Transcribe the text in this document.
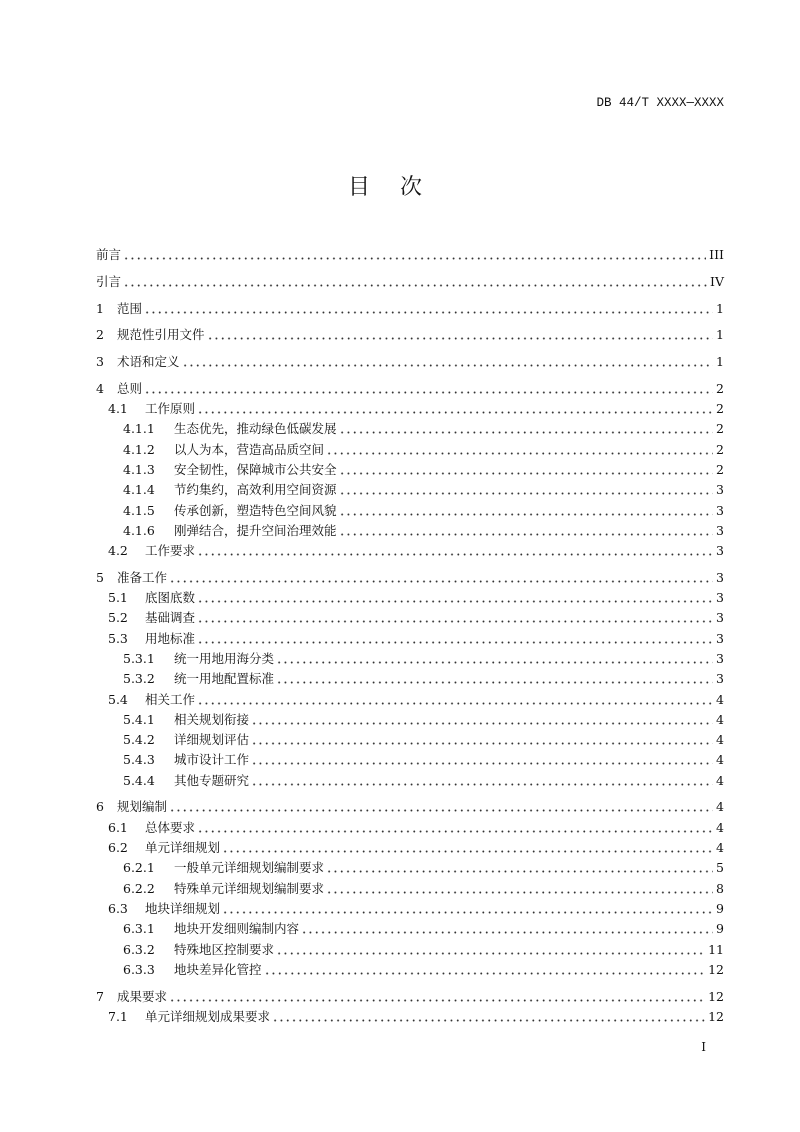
DB 44/T XXXX—XXXX
目次
前言	III
引言	IV
1	范围	1
2	规范性引用文件	1
3	术语和定义	1
4	总则	2
4.1	工作原则	2
4.1.1	生态优先，推动绿色低碳发展	2
4.1.2	以人为本，营造高品质空间	2
4.1.3	安全韧性，保障城市公共安全	2
4.1.4	节约集约，高效利用空间资源	3
4.1.5	传承创新，塑造特色空间风貌	3
4.1.6	刚弹结合，提升空间治理效能	3
4.2	工作要求	3
5	准备工作	3
5.1	底图底数	3
5.2	基础调查	3
5.3	用地标准	3
5.3.1	统一用地用海分类	3
5.3.2	统一用地配置标准	3
5.4	相关工作	4
5.4.1	相关规划衔接	4
5.4.2	详细规划评估	4
5.4.3	城市设计工作	4
5.4.4	其他专题研究	4
6	规划编制	4
6.1	总体要求	4
6.2	单元详细规划	4
6.2.1	一般单元详细规划编制要求	5
6.2.2	特殊单元详细规划编制要求	8
6.3	地块详细规划	9
6.3.1	地块开发细则编制内容	9
6.3.2	特殊地区控制要求	11
6.3.3	地块差异化管控	12
7	成果要求	12
7.1	单元详细规划成果要求	12
I
